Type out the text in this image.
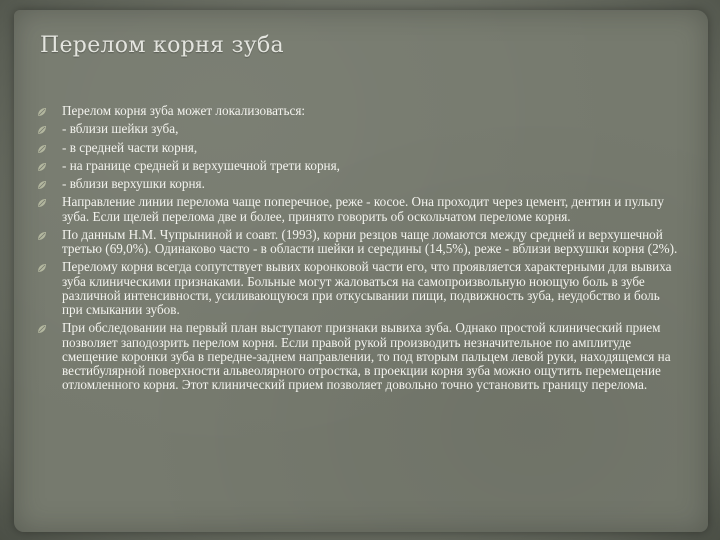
Перелом корня зуба
Перелом корня зуба может локализоваться:
- вблизи шейки зуба,
- в средней части корня,
- на границе средней и верхушечной трети корня,
- вблизи верхушки корня.
Направление линии перелома чаще поперечное, реже - косое. Она проходит через цемент, дентин и пульпу зуба. Если щелей перелома две и более, принято говорить об оскольчатом переломе корня.
По данным Н.М. Чупрыниной и соавт. (1993), корни резцов чаще ломаются между средней и верхушечной третью (69,0%). Одинаково часто - в области шейки и середины (14,5%), реже - вблизи верхушки корня (2%).
Перелому корня всегда сопутствует вывих коронковой части его, что проявляется характерными для вывиха зуба клиническими признаками. Больные могут жаловаться на самопроизвольную ноющую боль в зубе различной интенсивности, усиливающуюся при откусывании пищи, подвижность зуба, неудобство и боль при смыкании зубов.
При обследовании на первый план выступают признаки вывиха зуба. Однако простой клинический прием позволяет заподозрить перелом корня. Если правой рукой производить незначительное по амплитуде смещение коронки зуба в передне-заднем направлении, то под вторым пальцем левой руки, находящемся на вестибулярной поверхности альвеолярного отростка, в проекции корня зуба можно ощутить перемещение отломленного корня. Этот клинический прием позволяет довольно точно установить границу перелома.
